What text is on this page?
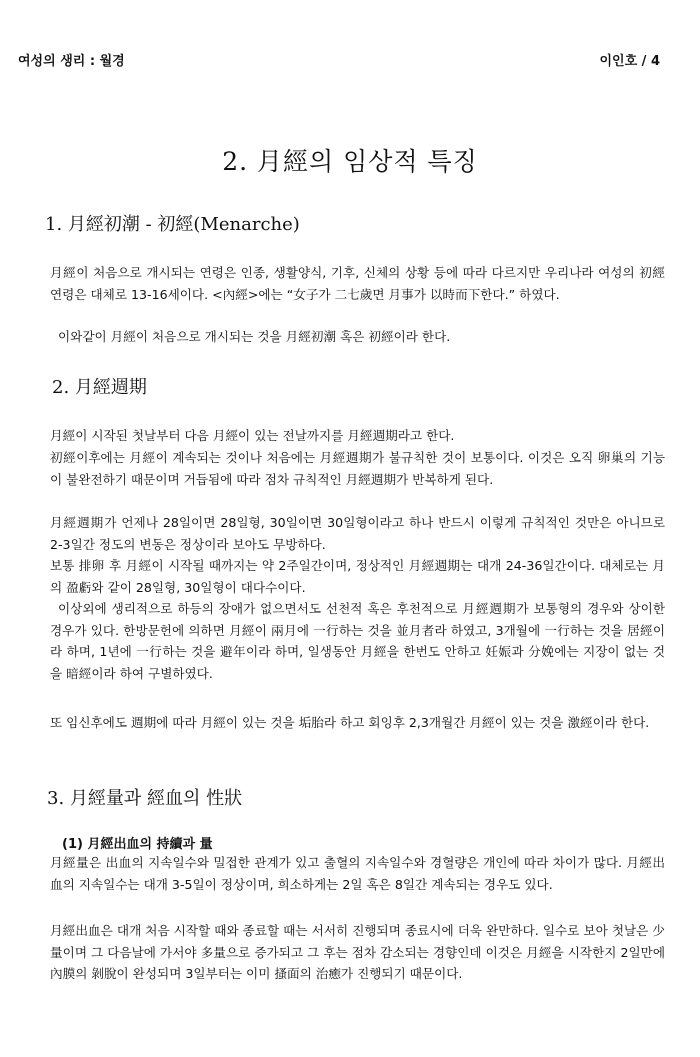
여성의 생리 : 월경	이인호 / 4
2. 月經의 임상적 특징
1. 月經初潮 - 初經(Menarche)

月經이 처음으로 개시되는 연령은 인종, 생활양식, 기후, 신체의 상황 등에 따라 다르지만 우리나라 여성의 初經 연령은 대체로 13-16세이다. <內經>에는 “女子가 二七歲면 月事가 以時而下한다.” 하였다.

이와같이 月經이 처음으로 개시되는 것을 月經初潮 혹은 初經이라 한다.

2. 月經週期

月經이 시작된 첫날부터 다음 月經이 있는 전날까지를 月經週期라고 한다.

初經이후에는 月經이 계속되는 것이나 처음에는 月經週期가 불규칙한 것이 보통이다. 이것은 오직 卵巢의 기능이 불완전하기 때문이며 거듭됨에 따라 점차 규칙적인 月經週期가 반복하게 된다.

月經週期가 언제나 28일이면 28일형, 30일이면 30일형이라고 하나 반드시 이렇게 규칙적인 것만은 아니므로 2-3일간 정도의 변동은 정상이라 보아도 무방하다.

보통 排卵 후 月經이 시작될 때까지는 약 2주일간이며, 정상적인 月經週期는 대개 24-36일간이다. 대체로는 月의 盈虧와 같이 28일형, 30일형이 대다수이다.

이상외에 생리적으로 하등의 장애가 없으면서도 선천적 혹은 후천적으로 月經週期가 보통형의 경우와 상이한 경우가 있다. 한방문헌에 의하면 月經이 兩月에 一行하는 것을 並月者라 하였고, 3개월에 一行하는 것을 居經이라 하며, 1년에 一行하는 것을 避年이라 하며, 일생동안 月經을 한번도 안하고 妊娠과 分娩에는 지장이 없는 것을 暗經이라 하여 구별하였다.

또 임신후에도 週期에 따라 月經이 있는 것을 垢胎라 하고 회잉후 2,3개월간 月經이 있는 것을 激經이라 한다.

3. 月經量과 經血의 性狀
(1) 月經出血의 持續과 量

月經量은 出血의 지속일수와 밀접한 관계가 있고 출혈의 지속일수와 경혈량은 개인에 따라 차이가 많다. 月經出血의 지속일수는 대개 3-5일이 정상이며, 희소하게는 2일 혹은 8일간 계속되는 경우도 있다.

月經出血은 대개 처음 시작할 때와 종료할 때는 서서히 진행되며 종료시에 더욱 완만하다. 일수로 보아 첫날은 少量이며 그 다음날에 가서야 多量으로 증가되고 그 후는 점차 감소되는 경향인데 이것은 月經을 시작한지 2일만에 內膜의 剝脫이 완성되며 3일부터는 이미 搔面의 治癒가 진행되기 때문이다.
